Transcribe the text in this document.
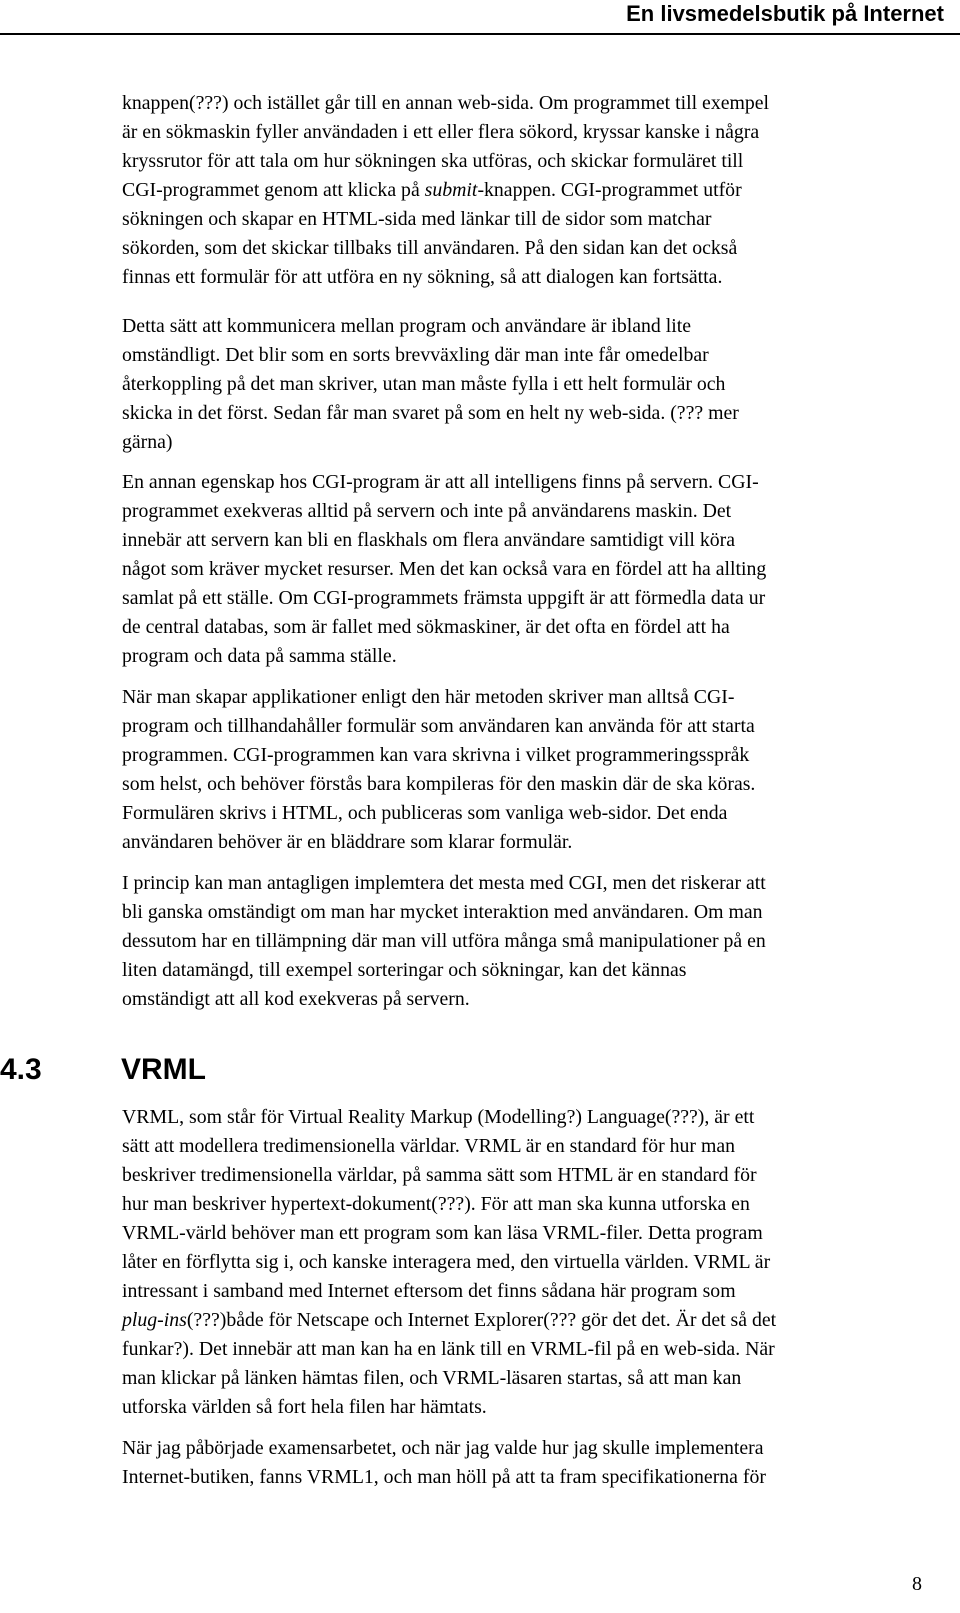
En livsmedelsbutik på Internet
knappen(???) och istället går till en annan web-sida. Om programmet till exempel
är en sökmaskin fyller användaden i ett eller flera sökord, kryssar kanske i några
kryssrutor för att tala om hur sökningen ska utföras, och skickar formuläret till
CGI-programmet genom att klicka på submit-knappen. CGI-programmet utför
sökningen och skapar en HTML-sida med länkar till de sidor som matchar
sökorden, som det skickar tillbaks till användaren. På den sidan kan det också
finnas ett formulär för att utföra en ny sökning, så att dialogen kan fortsätta.
Detta sätt att kommunicera mellan program och användare är ibland lite
omständligt. Det blir som en sorts brevväxling där man inte får omedelbar
återkoppling på det man skriver, utan man måste fylla i ett helt formulär och
skicka in det först. Sedan får man svaret på som en helt ny web-sida. (??? mer
gärna)
En annan egenskap hos CGI-program är att all intelligens finns på servern. CGI-
programmet exekveras alltid på servern och inte på användarens maskin. Det
innebär att servern kan bli en flaskhals om flera användare samtidigt vill köra
något som kräver mycket resurser. Men det kan också vara en fördel att ha allting
samlat på ett ställe. Om CGI-programmets främsta uppgift är att förmedla data ur
de central databas, som är fallet med sökmaskiner, är det ofta en fördel att ha
program och data på samma ställe.
När man skapar applikationer enligt den här metoden skriver man alltså CGI-
program och tillhandahåller formulär som användaren kan använda för att starta
programmen. CGI-programmen kan vara skrivna i vilket programmeringsspråk
som helst, och behöver förstås bara kompileras för den maskin där de ska köras.
Formulären skrivs i HTML, och publiceras som vanliga web-sidor. Det enda
användaren behöver är en bläddrare som klarar formulär.
I princip kan man antagligen implemtera det mesta med CGI, men det riskerar att
bli ganska omständigt om man har mycket interaktion med användaren. Om man
dessutom har en tillämpning där man vill utföra många små manipulationer på en
liten datamängd, till exempel sorteringar och sökningar, kan det kännas
omständigt att all kod exekveras på servern.
4.3	VRML
VRML, som står för Virtual Reality Markup (Modelling?) Language(???), är ett
sätt att modellera tredimensionella världar. VRML är en standard för hur man
beskriver tredimensionella världar, på samma sätt som HTML är en standard för
hur man beskriver hypertext-dokument(???). För att man ska kunna utforska en
VRML-värld behöver man ett program som kan läsa VRML-filer. Detta program
låter en förflytta sig i, och kanske interagera med, den virtuella världen. VRML är
intressant i samband med Internet eftersom det finns sådana här program som
plug-ins(???)både för Netscape och Internet Explorer(??? gör det det. Är det så det
funkar?). Det innebär att man kan ha en länk till en VRML-fil på en web-sida. När
man klickar på länken hämtas filen, och VRML-läsaren startas, så att man kan
utforska världen så fort hela filen har hämtats.
När jag påbörjade examensarbetet, och när jag valde hur jag skulle implementera
Internet-butiken, fanns VRML1, och man höll på att ta fram specifikationerna för
8
